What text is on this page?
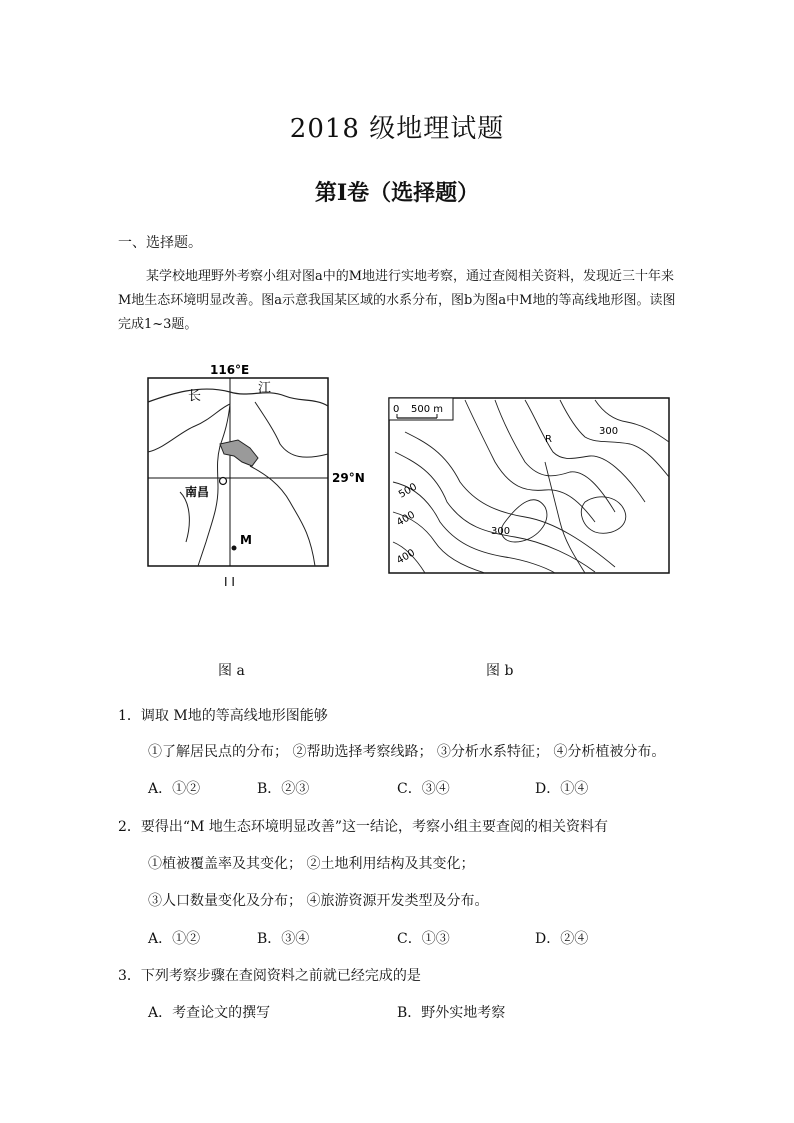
2018 级地理试题
第Ⅰ卷（选择题）
一、选择题。
某学校地理野外考察小组对图a中的M地进行实地考察，通过查阅相关资料，发现近三十年来M地生态环境明显改善。图a示意我国某区域的水系分布，图b为图a中M地的等高线地形图。读图完成1~3题。
116°E
29°N
长
江
南昌
M
I I
0 500 m
R
300
500
400
300
400
图 a	图 b
1．调取 M地的等高线地形图能够
①了解居民点的分布； ②帮助选择考察线路； ③分析水系特征； ④分析植被分布。
A．①②	B．②③	C．③④	D．①④
2．要得出“M 地生态环境明显改善”这一结论，考察小组主要查阅的相关资料有
①植被覆盖率及其变化； ②土地利用结构及其变化；
③人口数量变化及分布； ④旅游资源开发类型及分布。
A．①②	B．③④	C．①③	D．②④
3．下列考察步骤在查阅资料之前就已经完成的是
A．考查论文的撰写	B．野外实地考察
